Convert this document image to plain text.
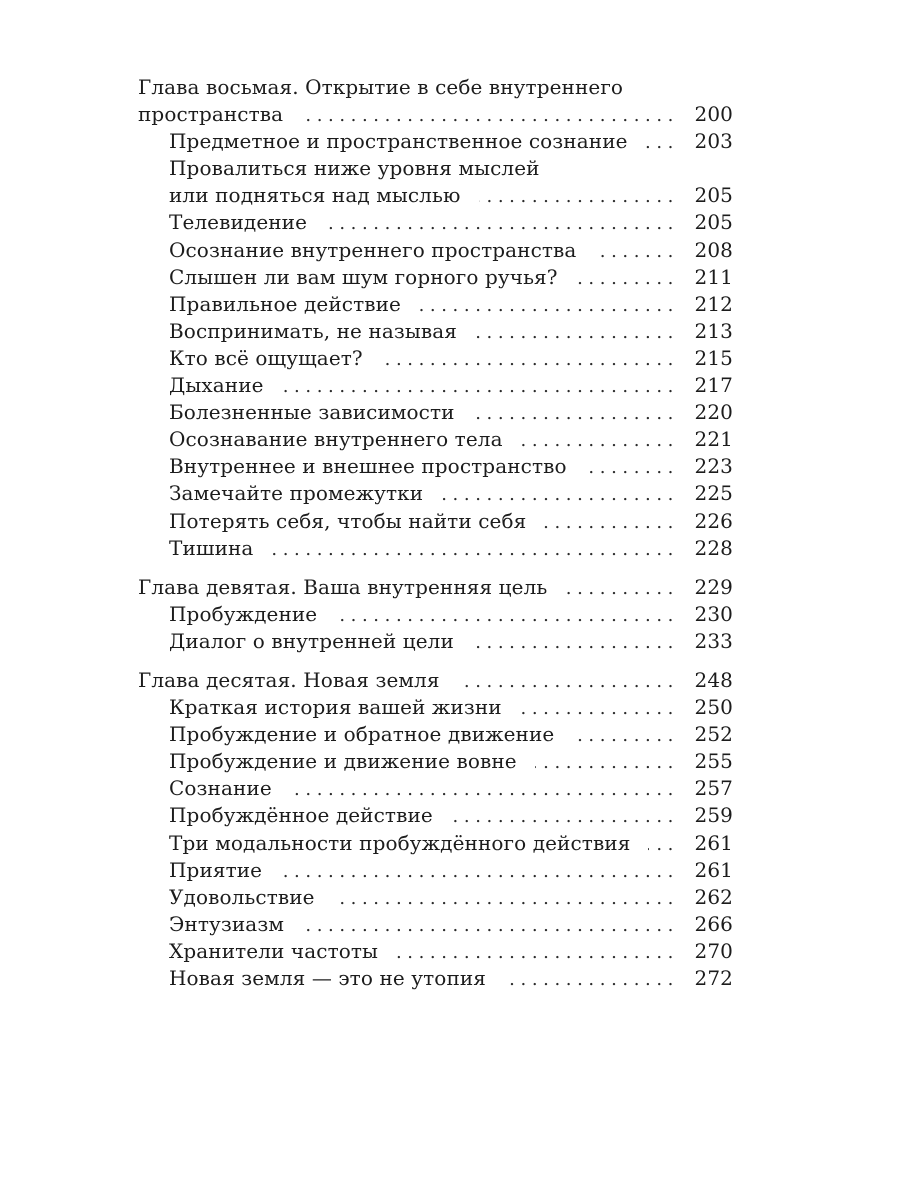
Глава восьмая. Открытие в себе внутреннего
пространства .....	200
Предметное и пространственное сознание .....	203
Провалиться ниже уровня мыслей
или подняться над мыслью .....	205
Телевидение .....	205
Осознание внутреннего пространства .....	208
Слышен ли вам шум горного ручья? .....	211
Правильное действие .....	212
Воспринимать, не называя .....	213
Кто всё ощущает? .....	215
Дыхание .....	217
Болезненные зависимости .....	220
Осознавание внутреннего тела .....	221
Внутреннее и внешнее пространство .....	223
Замечайте промежутки .....	225
Потерять себя, чтобы найти себя .....	226
Тишина .....	228
Глава девятая. Ваша внутренняя цель .....	229
Пробуждение .....	230
Диалог о внутренней цели .....	233
Глава десятая. Новая земля .....	248
Краткая история вашей жизни .....	250
Пробуждение и обратное движение .....	252
Пробуждение и движение вовне .....	255
Сознание .....	257
Пробуждённое действие .....	259
Три модальности пробуждённого действия .....	261
Приятие .....	261
Удовольствие .....	262
Энтузиазм .....	266
Хранители частоты .....	270
Новая земля — это не утопия .....	272
